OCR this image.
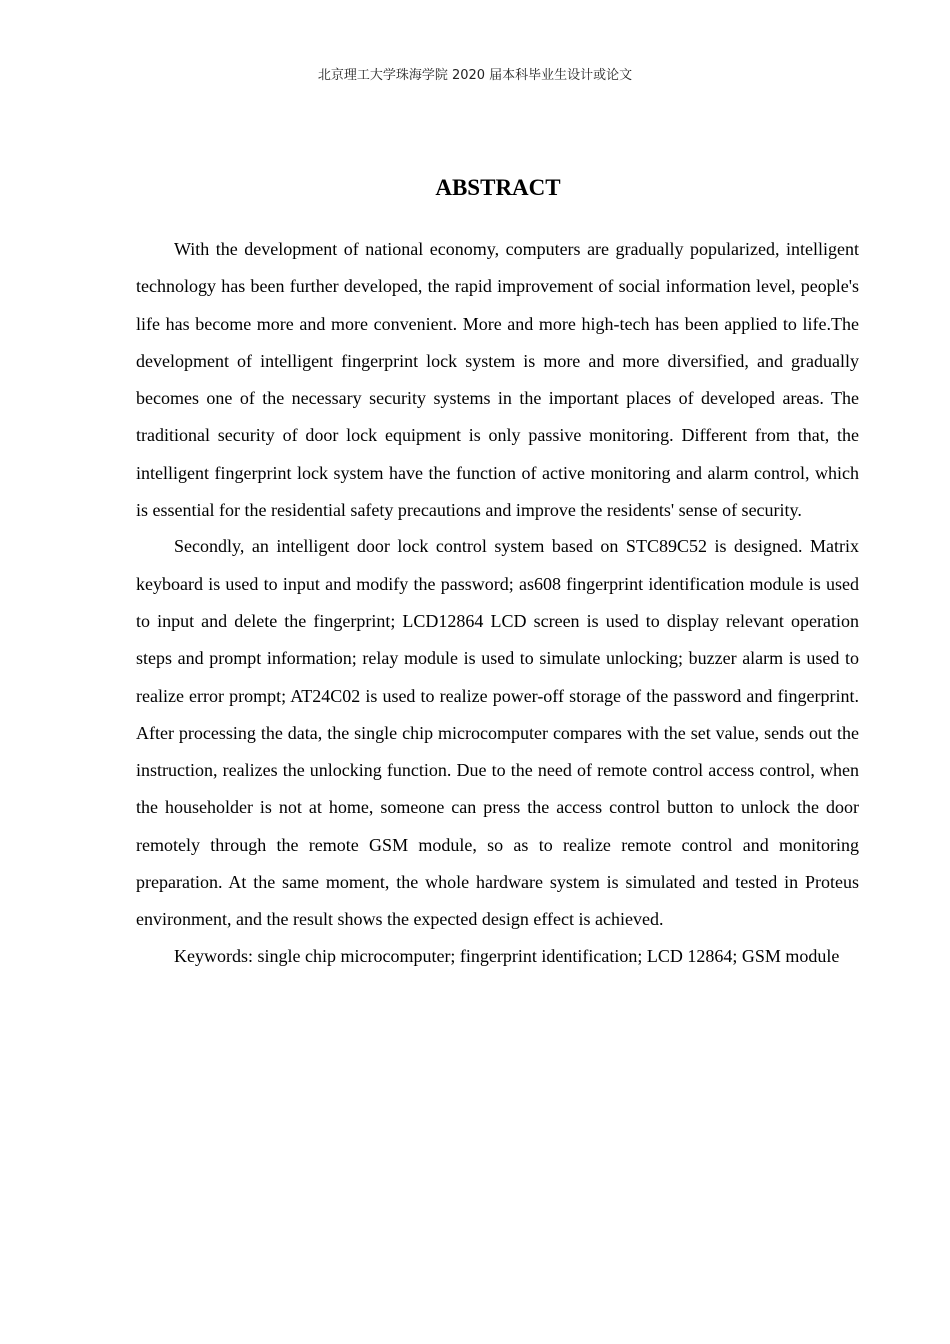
北京理工大学珠海学院 2020 届本科毕业生设计或论文
ABSTRACT

With the development of national economy, computers are gradually popularized, intelligent technology has been further developed, the rapid improvement of social information level, people's life has become more and more convenient. More and more high-tech has been applied to life.The development of intelligent fingerprint lock system is more and more diversified, and gradually becomes one of the necessary security systems in the important places of developed areas. The traditional security of door lock equipment is only passive monitoring. Different from that, the intelligent fingerprint lock system have the function of active monitoring and alarm control, which is essential for the residential safety precautions and improve the residents' sense of security.

Secondly, an intelligent door lock control system based on STC89C52 is designed. Matrix keyboard is used to input and modify the password; as608 fingerprint identification module is used to input and delete the fingerprint; LCD12864 LCD screen is used to display relevant operation steps and prompt information; relay module is used to simulate unlocking; buzzer alarm is used to realize error prompt; AT24C02 is used to realize power-off storage of the password and fingerprint. After processing the data, the single chip microcomputer compares with the set value, sends out the instruction, realizes the unlocking function. Due to the need of remote control access control, when the householder is not at home, someone can press the access control button to unlock the door remotely through the remote GSM module, so as to realize remote control and monitoring preparation. At the same moment, the whole hardware system is simulated and tested in Proteus environment, and the result shows the expected design effect is achieved.

Keywords: single chip microcomputer; fingerprint identification; LCD 12864; GSM module
